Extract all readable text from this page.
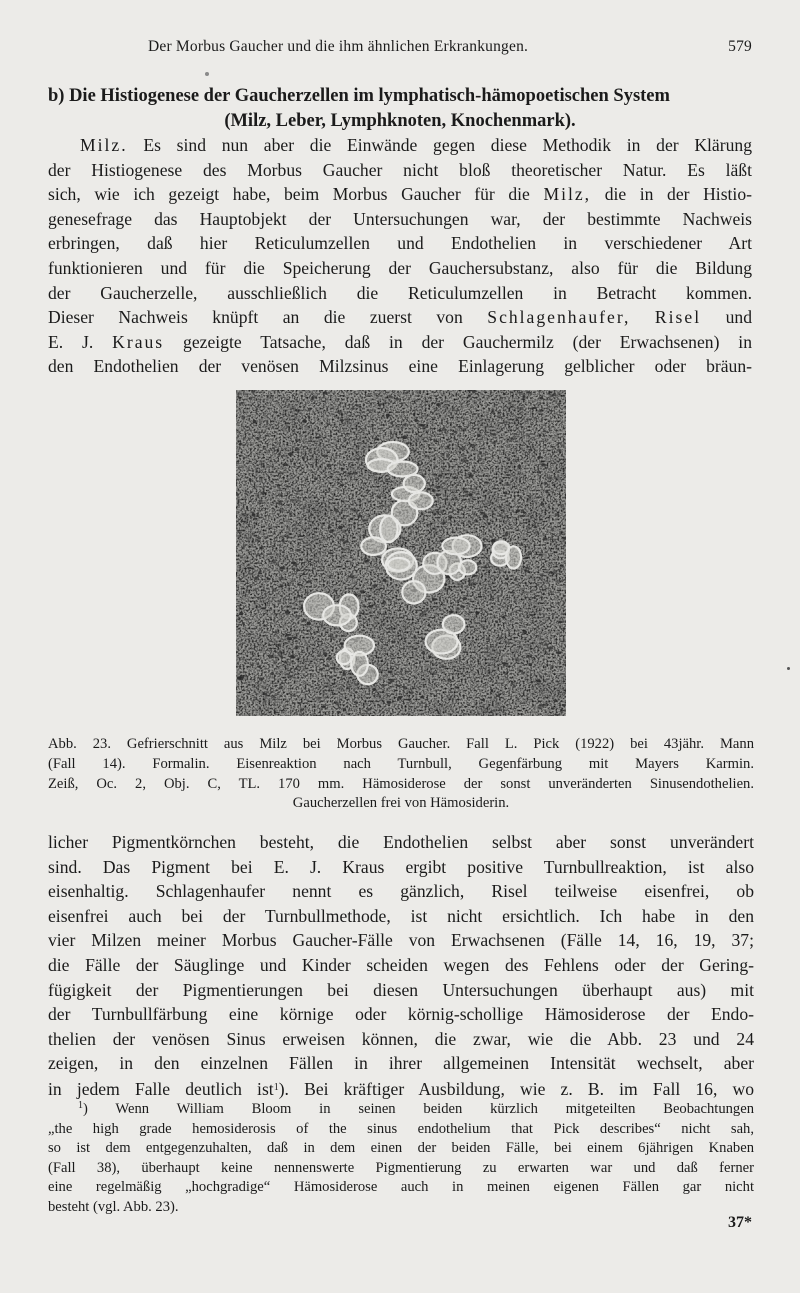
Der Morbus Gaucher und die ihm ähnlichen Erkrankungen.	579
b) Die Histiogenese der Gaucherzellen im lymphatisch-hämopoetischen System
(Milz, Leber, Lymphknoten, Knochenmark).
Milz. Es sind nun aber die Einwände gegen diese Methodik in der Klärung
der Histiogenese des Morbus Gaucher nicht bloß theoretischer Natur. Es läßt
sich, wie ich gezeigt habe, beim Morbus Gaucher für die Milz, die in der Histio-
genesefrage das Hauptobjekt der Untersuchungen war, der bestimmte Nachweis
erbringen, daß hier Reticulumzellen und Endothelien in verschiedener Art
funktionieren und für die Speicherung der Gauchersubstanz, also für die Bildung
der Gaucherzelle, ausschließlich die Reticulumzellen in Betracht kommen.
Dieser Nachweis knüpft an die zuerst von Schlagenhaufer, Risel und
E. J. Kraus gezeigte Tatsache, daß in der Gauchermilz (der Erwachsenen) in
den Endothelien der venösen Milzsinus eine Einlagerung gelblicher oder bräun-
Abb. 23. Gefrierschnitt aus Milz bei Morbus Gaucher. Fall L. Pick (1922) bei 43jähr. Mann
(Fall 14). Formalin. Eisenreaktion nach Turnbull, Gegenfärbung mit Mayers Karmin.
Zeiß, Oc. 2, Obj. C, TL. 170 mm. Hämosiderose der sonst unveränderten Sinusendothelien.
Gaucherzellen frei von Hämosiderin.
licher Pigmentkörnchen besteht, die Endothelien selbst aber sonst unverändert
sind. Das Pigment bei E. J. Kraus ergibt positive Turnbullreaktion, ist also
eisenhaltig. Schlagenhaufer nennt es gänzlich, Risel teilweise eisenfrei, ob
eisenfrei auch bei der Turnbullmethode, ist nicht ersichtlich. Ich habe in den
vier Milzen meiner Morbus Gaucher-Fälle von Erwachsenen (Fälle 14, 16, 19, 37;
die Fälle der Säuglinge und Kinder scheiden wegen des Fehlens oder der Gering-
fügigkeit der Pigmentierungen bei diesen Untersuchungen überhaupt aus) mit
der Turnbullfärbung eine körnige oder körnig-schollige Hämosiderose der Endo-
thelien der venösen Sinus erweisen können, die zwar, wie die Abb. 23 und 24
zeigen, in den einzelnen Fällen in ihrer allgemeinen Intensität wechselt, aber
in jedem Falle deutlich ist$^1$). Bei kräftiger Ausbildung, wie z. B. im Fall 16, wo
$^1$) Wenn William Bloom in seinen beiden kürzlich mitgeteilten Beobachtungen
„the high grade hemosiderosis of the sinus endothelium that Pick describes“ nicht sah,
so ist dem entgegenzuhalten, daß in dem einen der beiden Fälle, bei einem 6jährigen Knaben
(Fall 38), überhaupt keine nennenswerte Pigmentierung zu erwarten war und daß ferner
eine regelmäßig „hochgradige“ Hämosiderose auch in meinen eigenen Fällen gar nicht
besteht (vgl. Abb. 23).
37*
